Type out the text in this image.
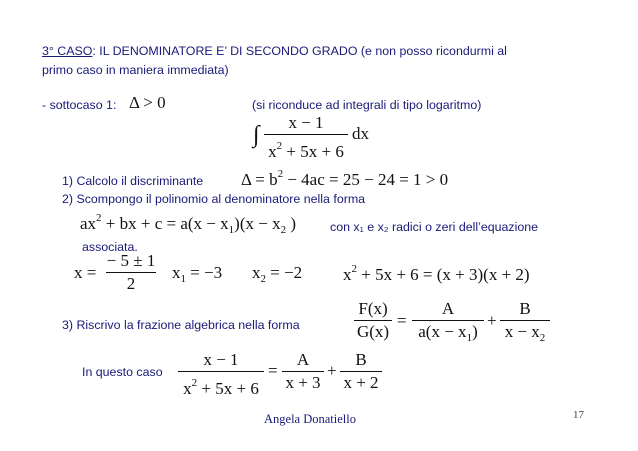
3° CASO: IL DENOMINATORE E’ DI SECONDO GRADO (e non posso ricondurmi al
primo caso in maniera immediata)
- sottocaso 1: Δ > 0	(si riconduce ad integrali di tipo logaritmo)
∫	x − 1
$x^2 + 5x + 6$
dx
1) Calcolo il discriminante $\Delta = b^2 - 4ac = 25 - 24 = 1 > 0$
2) Scompongo il polinomio al denominatore nella forma
$ax^2$ + bx + $c = a(x - x_1)(x - x_2$ )	con x₁ e x₂ radici o zeri dell’equazione
associata.
x =
− 5 ± 1
2
$x_1 = -3$ $x_2 = -2$ $x^2 + 5x + 6 = (x + 3)(x + 2)$
3) Riscrivo la frazione algebrica nella forma
F(x)
G(x)
=
A
$a(x - x_1)$
+
B
$x - x_2$
In questo caso
x − 1
$x^2 + 5x + 6$
=
A
x + 3
+
B
x + 2
Angela Donatiello	17
